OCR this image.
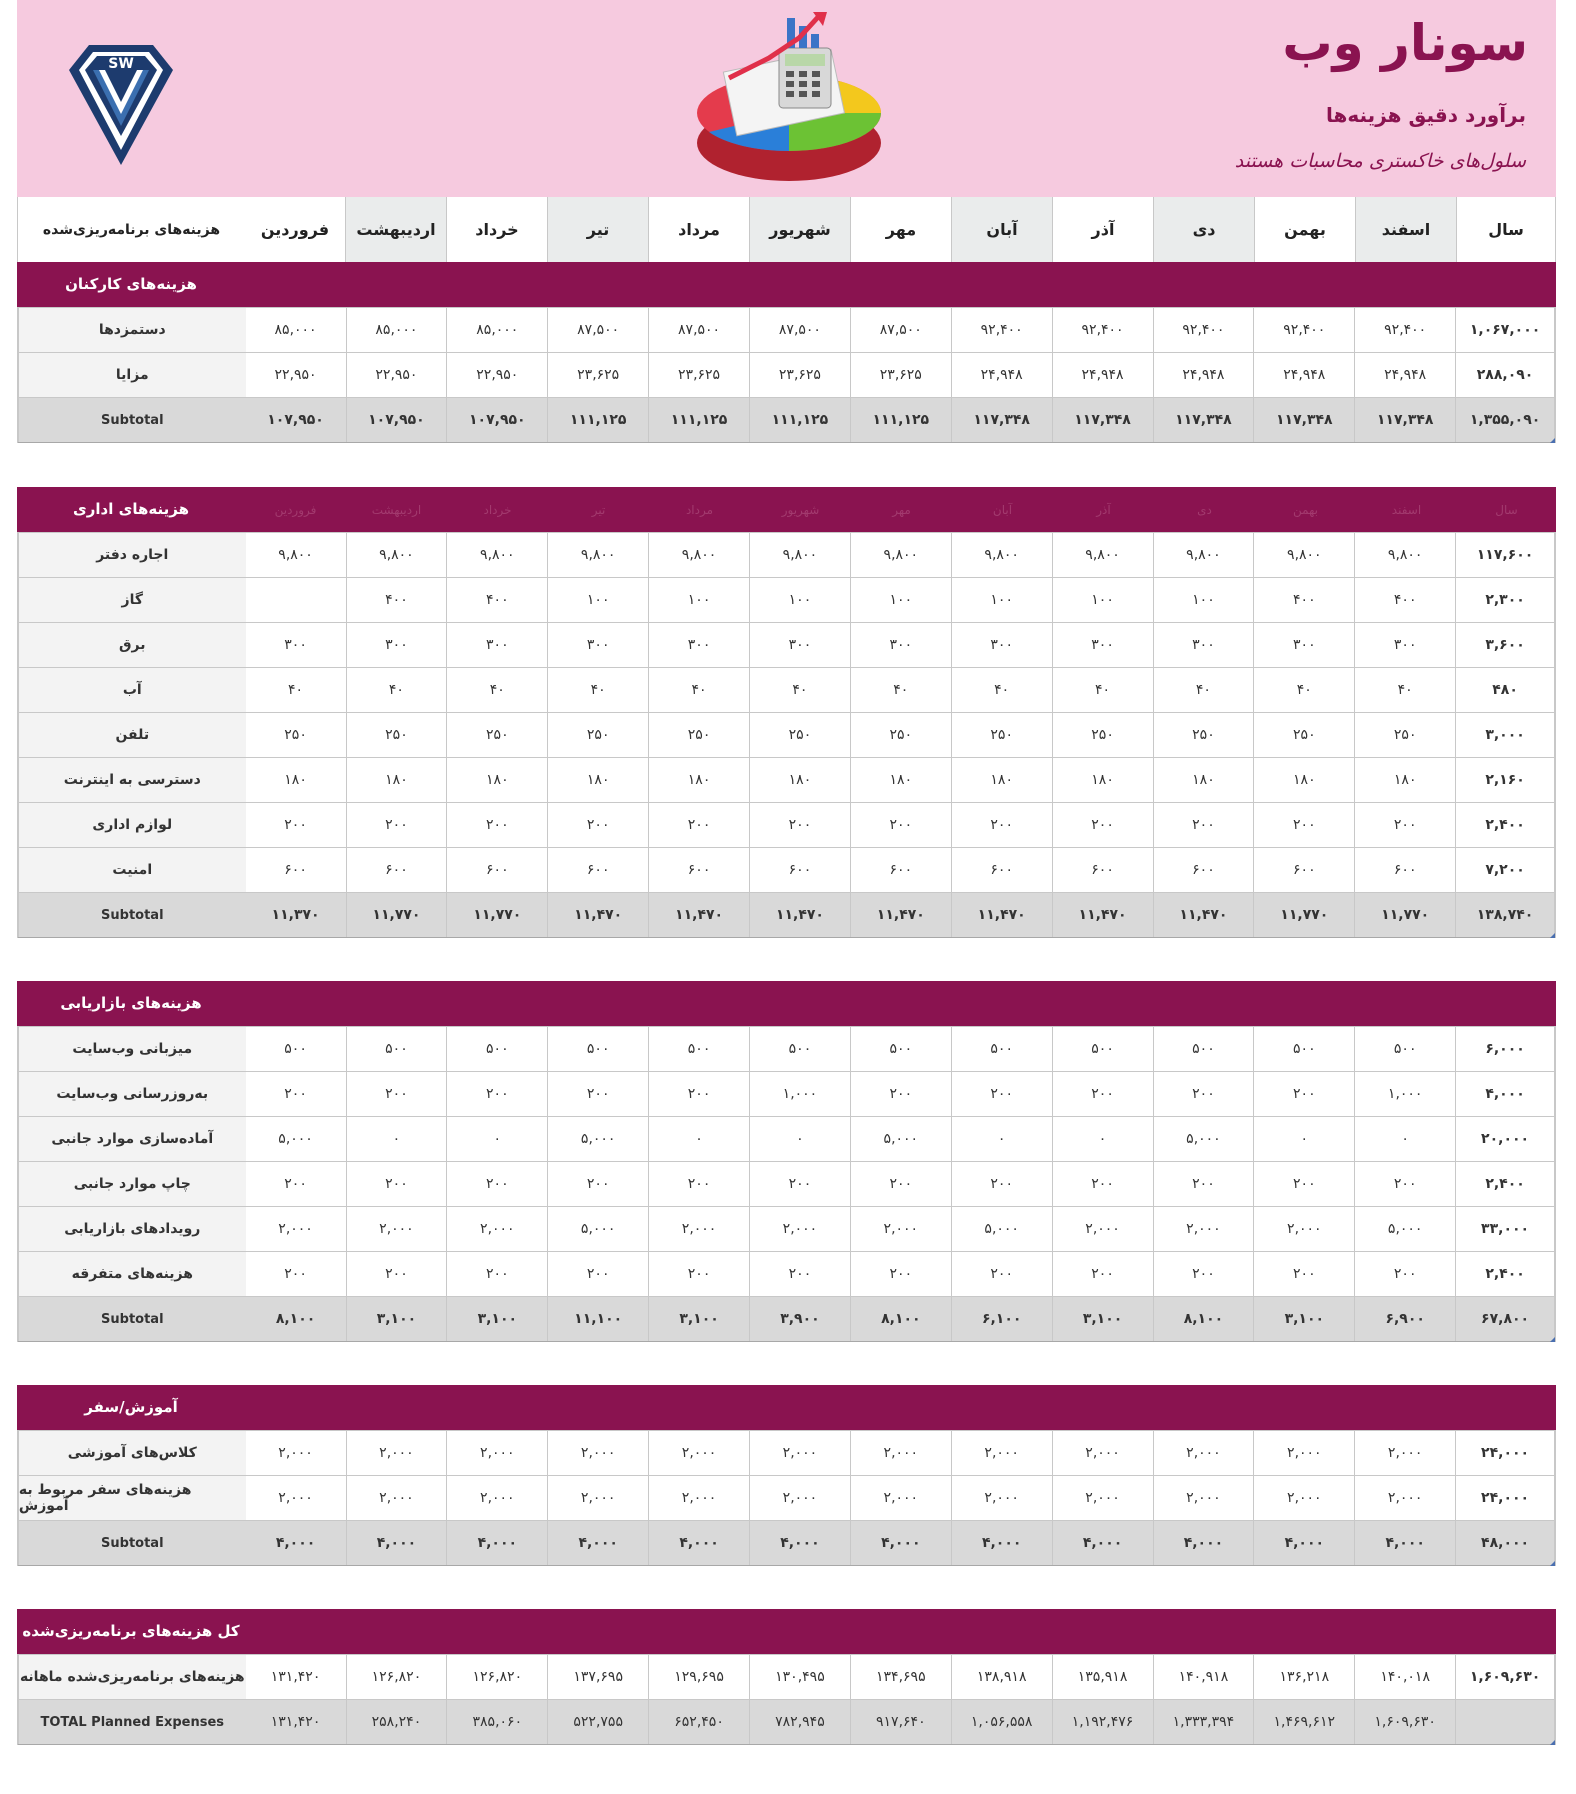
سونار وب
برآورد دقیق هزینه‌ها
سلول‌های خاکستری محاسبات هستند
SW
سال
اسفند
بهمن
دی
آذر
آبان
مهر
شهریور
مرداد
تیر
خرداد
اردیبهشت
فروردین
هزینه‌های برنامه‌ریزی‌شده
هزینه‌های کارکنان
۱,۰۶۷,۰۰۰
۹۲,۴۰۰
۹۲,۴۰۰
۹۲,۴۰۰
۹۲,۴۰۰
۹۲,۴۰۰
۸۷,۵۰۰
۸۷,۵۰۰
۸۷,۵۰۰
۸۷,۵۰۰
۸۵,۰۰۰
۸۵,۰۰۰
۸۵,۰۰۰
دستمزدها
۲۸۸,۰۹۰
۲۴,۹۴۸
۲۴,۹۴۸
۲۴,۹۴۸
۲۴,۹۴۸
۲۴,۹۴۸
۲۳,۶۲۵
۲۳,۶۲۵
۲۳,۶۲۵
۲۳,۶۲۵
۲۲,۹۵۰
۲۲,۹۵۰
۲۲,۹۵۰
مزایا
۱,۳۵۵,۰۹۰
۱۱۷,۳۴۸
۱۱۷,۳۴۸
۱۱۷,۳۴۸
۱۱۷,۳۴۸
۱۱۷,۳۴۸
۱۱۱,۱۲۵
۱۱۱,۱۲۵
۱۱۱,۱۲۵
۱۱۱,۱۲۵
۱۰۷,۹۵۰
۱۰۷,۹۵۰
۱۰۷,۹۵۰
Subtotal
سال
اسفند
بهمن
دی
آذر
آبان
مهر
شهریور
مرداد
تیر
خرداد
اردیبهشت
فروردین
هزینه‌های اداری
۱۱۷,۶۰۰
۹,۸۰۰
۹,۸۰۰
۹,۸۰۰
۹,۸۰۰
۹,۸۰۰
۹,۸۰۰
۹,۸۰۰
۹,۸۰۰
۹,۸۰۰
۹,۸۰۰
۹,۸۰۰
۹,۸۰۰
اجاره دفتر
۲,۳۰۰
۴۰۰
۴۰۰
۱۰۰
۱۰۰
۱۰۰
۱۰۰
۱۰۰
۱۰۰
۱۰۰
۴۰۰
۴۰۰
گاز
۳,۶۰۰
۳۰۰
۳۰۰
۳۰۰
۳۰۰
۳۰۰
۳۰۰
۳۰۰
۳۰۰
۳۰۰
۳۰۰
۳۰۰
۳۰۰
برق
۴۸۰
۴۰
۴۰
۴۰
۴۰
۴۰
۴۰
۴۰
۴۰
۴۰
۴۰
۴۰
۴۰
آب
۳,۰۰۰
۲۵۰
۲۵۰
۲۵۰
۲۵۰
۲۵۰
۲۵۰
۲۵۰
۲۵۰
۲۵۰
۲۵۰
۲۵۰
۲۵۰
تلفن
۲,۱۶۰
۱۸۰
۱۸۰
۱۸۰
۱۸۰
۱۸۰
۱۸۰
۱۸۰
۱۸۰
۱۸۰
۱۸۰
۱۸۰
۱۸۰
دسترسی به اینترنت
۲,۴۰۰
۲۰۰
۲۰۰
۲۰۰
۲۰۰
۲۰۰
۲۰۰
۲۰۰
۲۰۰
۲۰۰
۲۰۰
۲۰۰
۲۰۰
لوازم اداری
۷,۲۰۰
۶۰۰
۶۰۰
۶۰۰
۶۰۰
۶۰۰
۶۰۰
۶۰۰
۶۰۰
۶۰۰
۶۰۰
۶۰۰
۶۰۰
امنیت
۱۳۸,۷۴۰
۱۱,۷۷۰
۱۱,۷۷۰
۱۱,۴۷۰
۱۱,۴۷۰
۱۱,۴۷۰
۱۱,۴۷۰
۱۱,۴۷۰
۱۱,۴۷۰
۱۱,۴۷۰
۱۱,۷۷۰
۱۱,۷۷۰
۱۱,۳۷۰
Subtotal
هزینه‌های بازاریابی
۶,۰۰۰
۵۰۰
۵۰۰
۵۰۰
۵۰۰
۵۰۰
۵۰۰
۵۰۰
۵۰۰
۵۰۰
۵۰۰
۵۰۰
۵۰۰
میزبانی وب‌سایت
۴,۰۰۰
۱,۰۰۰
۲۰۰
۲۰۰
۲۰۰
۲۰۰
۲۰۰
۱,۰۰۰
۲۰۰
۲۰۰
۲۰۰
۲۰۰
۲۰۰
به‌روزرسانی وب‌سایت
۲۰,۰۰۰
۰
۰
۵,۰۰۰
۰
۰
۵,۰۰۰
۰
۰
۵,۰۰۰
۰
۰
۵,۰۰۰
آماده‌سازی موارد جانبی
۲,۴۰۰
۲۰۰
۲۰۰
۲۰۰
۲۰۰
۲۰۰
۲۰۰
۲۰۰
۲۰۰
۲۰۰
۲۰۰
۲۰۰
۲۰۰
چاپ موارد جانبی
۳۳,۰۰۰
۵,۰۰۰
۲,۰۰۰
۲,۰۰۰
۲,۰۰۰
۵,۰۰۰
۲,۰۰۰
۲,۰۰۰
۲,۰۰۰
۵,۰۰۰
۲,۰۰۰
۲,۰۰۰
۲,۰۰۰
رویدادهای بازاریابی
۲,۴۰۰
۲۰۰
۲۰۰
۲۰۰
۲۰۰
۲۰۰
۲۰۰
۲۰۰
۲۰۰
۲۰۰
۲۰۰
۲۰۰
۲۰۰
هزینه‌های متفرقه
۶۷,۸۰۰
۶,۹۰۰
۳,۱۰۰
۸,۱۰۰
۳,۱۰۰
۶,۱۰۰
۸,۱۰۰
۳,۹۰۰
۳,۱۰۰
۱۱,۱۰۰
۳,۱۰۰
۳,۱۰۰
۸,۱۰۰
Subtotal
آموزش/سفر
۲۴,۰۰۰
۲,۰۰۰
۲,۰۰۰
۲,۰۰۰
۲,۰۰۰
۲,۰۰۰
۲,۰۰۰
۲,۰۰۰
۲,۰۰۰
۲,۰۰۰
۲,۰۰۰
۲,۰۰۰
۲,۰۰۰
کلاس‌های آموزشی
۲۴,۰۰۰
۲,۰۰۰
۲,۰۰۰
۲,۰۰۰
۲,۰۰۰
۲,۰۰۰
۲,۰۰۰
۲,۰۰۰
۲,۰۰۰
۲,۰۰۰
۲,۰۰۰
۲,۰۰۰
۲,۰۰۰
هزینه‌های سفر مربوط به آموزش
۴۸,۰۰۰
۴,۰۰۰
۴,۰۰۰
۴,۰۰۰
۴,۰۰۰
۴,۰۰۰
۴,۰۰۰
۴,۰۰۰
۴,۰۰۰
۴,۰۰۰
۴,۰۰۰
۴,۰۰۰
۴,۰۰۰
Subtotal
کل هزینه‌های برنامه‌ریزی‌شده
۱,۶۰۹,۶۳۰
۱۴۰,۰۱۸
۱۳۶,۲۱۸
۱۴۰,۹۱۸
۱۳۵,۹۱۸
۱۳۸,۹۱۸
۱۳۴,۶۹۵
۱۳۰,۴۹۵
۱۲۹,۶۹۵
۱۳۷,۶۹۵
۱۲۶,۸۲۰
۱۲۶,۸۲۰
۱۳۱,۴۲۰
هزینه‌های برنامه‌ریزی‌شده ماهانه
۱,۶۰۹,۶۳۰
۱,۴۶۹,۶۱۲
۱,۳۳۳,۳۹۴
۱,۱۹۲,۴۷۶
۱,۰۵۶,۵۵۸
۹۱۷,۶۴۰
۷۸۲,۹۴۵
۶۵۲,۴۵۰
۵۲۲,۷۵۵
۳۸۵,۰۶۰
۲۵۸,۲۴۰
۱۳۱,۴۲۰
TOTAL Planned Expenses
